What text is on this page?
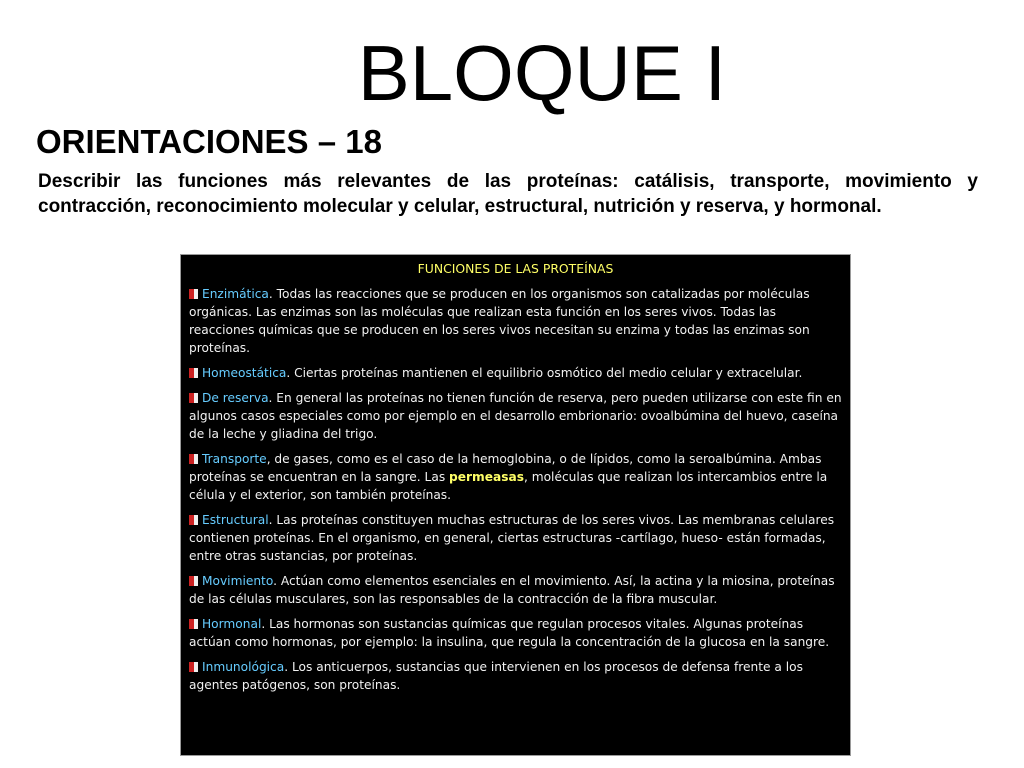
BLOQUE I
ORIENTACIONES – 18

Describir las funciones más relevantes de las proteínas: catálisis, transporte, movimiento y contracción, reconocimiento molecular y celular, estructural, nutrición y reserva, y hormonal.

FUNCIONES DE LAS PROTEÍNAS

Enzimática. Todas las reacciones que se producen en los organismos son catalizadas por moléculas orgánicas. Las enzimas son las moléculas que realizan esta función en los seres vivos. Todas las reacciones químicas que se producen en los seres vivos necesitan su enzima y todas las enzimas son proteínas.

Homeostática. Ciertas proteínas mantienen el equilibrio osmótico del medio celular y extracelular.

De reserva. En general las proteínas no tienen función de reserva, pero pueden utilizarse con este fin en algunos casos especiales como por ejemplo en el desarrollo embrionario: ovoalbúmina del huevo, caseína de la leche y gliadina del trigo.

Transporte, de gases, como es el caso de la hemoglobina, o de lípidos, como la seroalbúmina. Ambas proteínas se encuentran en la sangre. Las permeasas, moléculas que realizan los intercambios entre la célula y el exterior, son también proteínas.

Estructural. Las proteínas constituyen muchas estructuras de los seres vivos. Las membranas celulares contienen proteínas. En el organismo, en general, ciertas estructuras -cartílago, hueso- están formadas, entre otras sustancias, por proteínas.

Movimiento. Actúan como elementos esenciales en el movimiento. Así, la actina y la miosina, proteínas de las células musculares, son las responsables de la contracción de la fibra muscular.

Hormonal. Las hormonas son sustancias químicas que regulan procesos vitales. Algunas proteínas actúan como hormonas, por ejemplo: la insulina, que regula la concentración de la glucosa en la sangre.

Inmunológica. Los anticuerpos, sustancias que intervienen en los procesos de defensa frente a los agentes patógenos, son proteínas.
